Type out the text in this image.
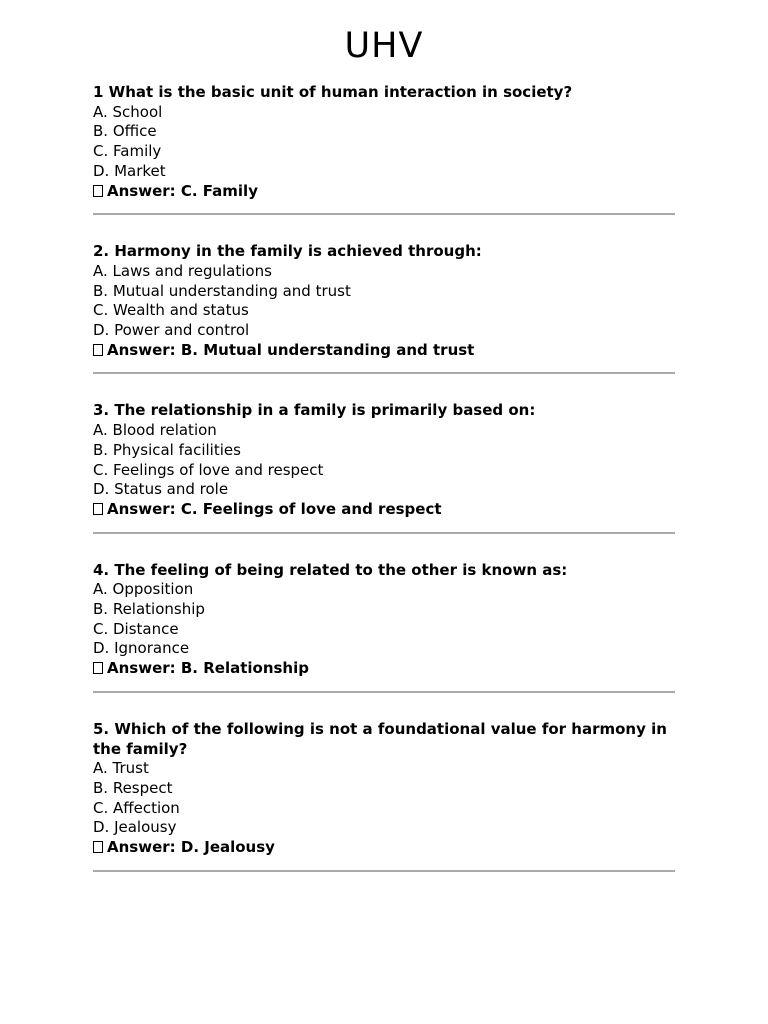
UHV
1 What is the basic unit of human interaction in society?
A. School
B. Office
C. Family
D. Market
Answer: C. Family
2. Harmony in the family is achieved through:
A. Laws and regulations
B. Mutual understanding and trust
C. Wealth and status
D. Power and control
Answer: B. Mutual understanding and trust
3. The relationship in a family is primarily based on:
A. Blood relation
B. Physical facilities
C. Feelings of love and respect
D. Status and role
Answer: C. Feelings of love and respect
4. The feeling of being related to the other is known as:
A. Opposition
B. Relationship
C. Distance
D. Ignorance
Answer: B. Relationship
5. Which of the following is not a foundational value for harmony in the family?
A. Trust
B. Respect
C. Affection
D. Jealousy
Answer: D. Jealousy
